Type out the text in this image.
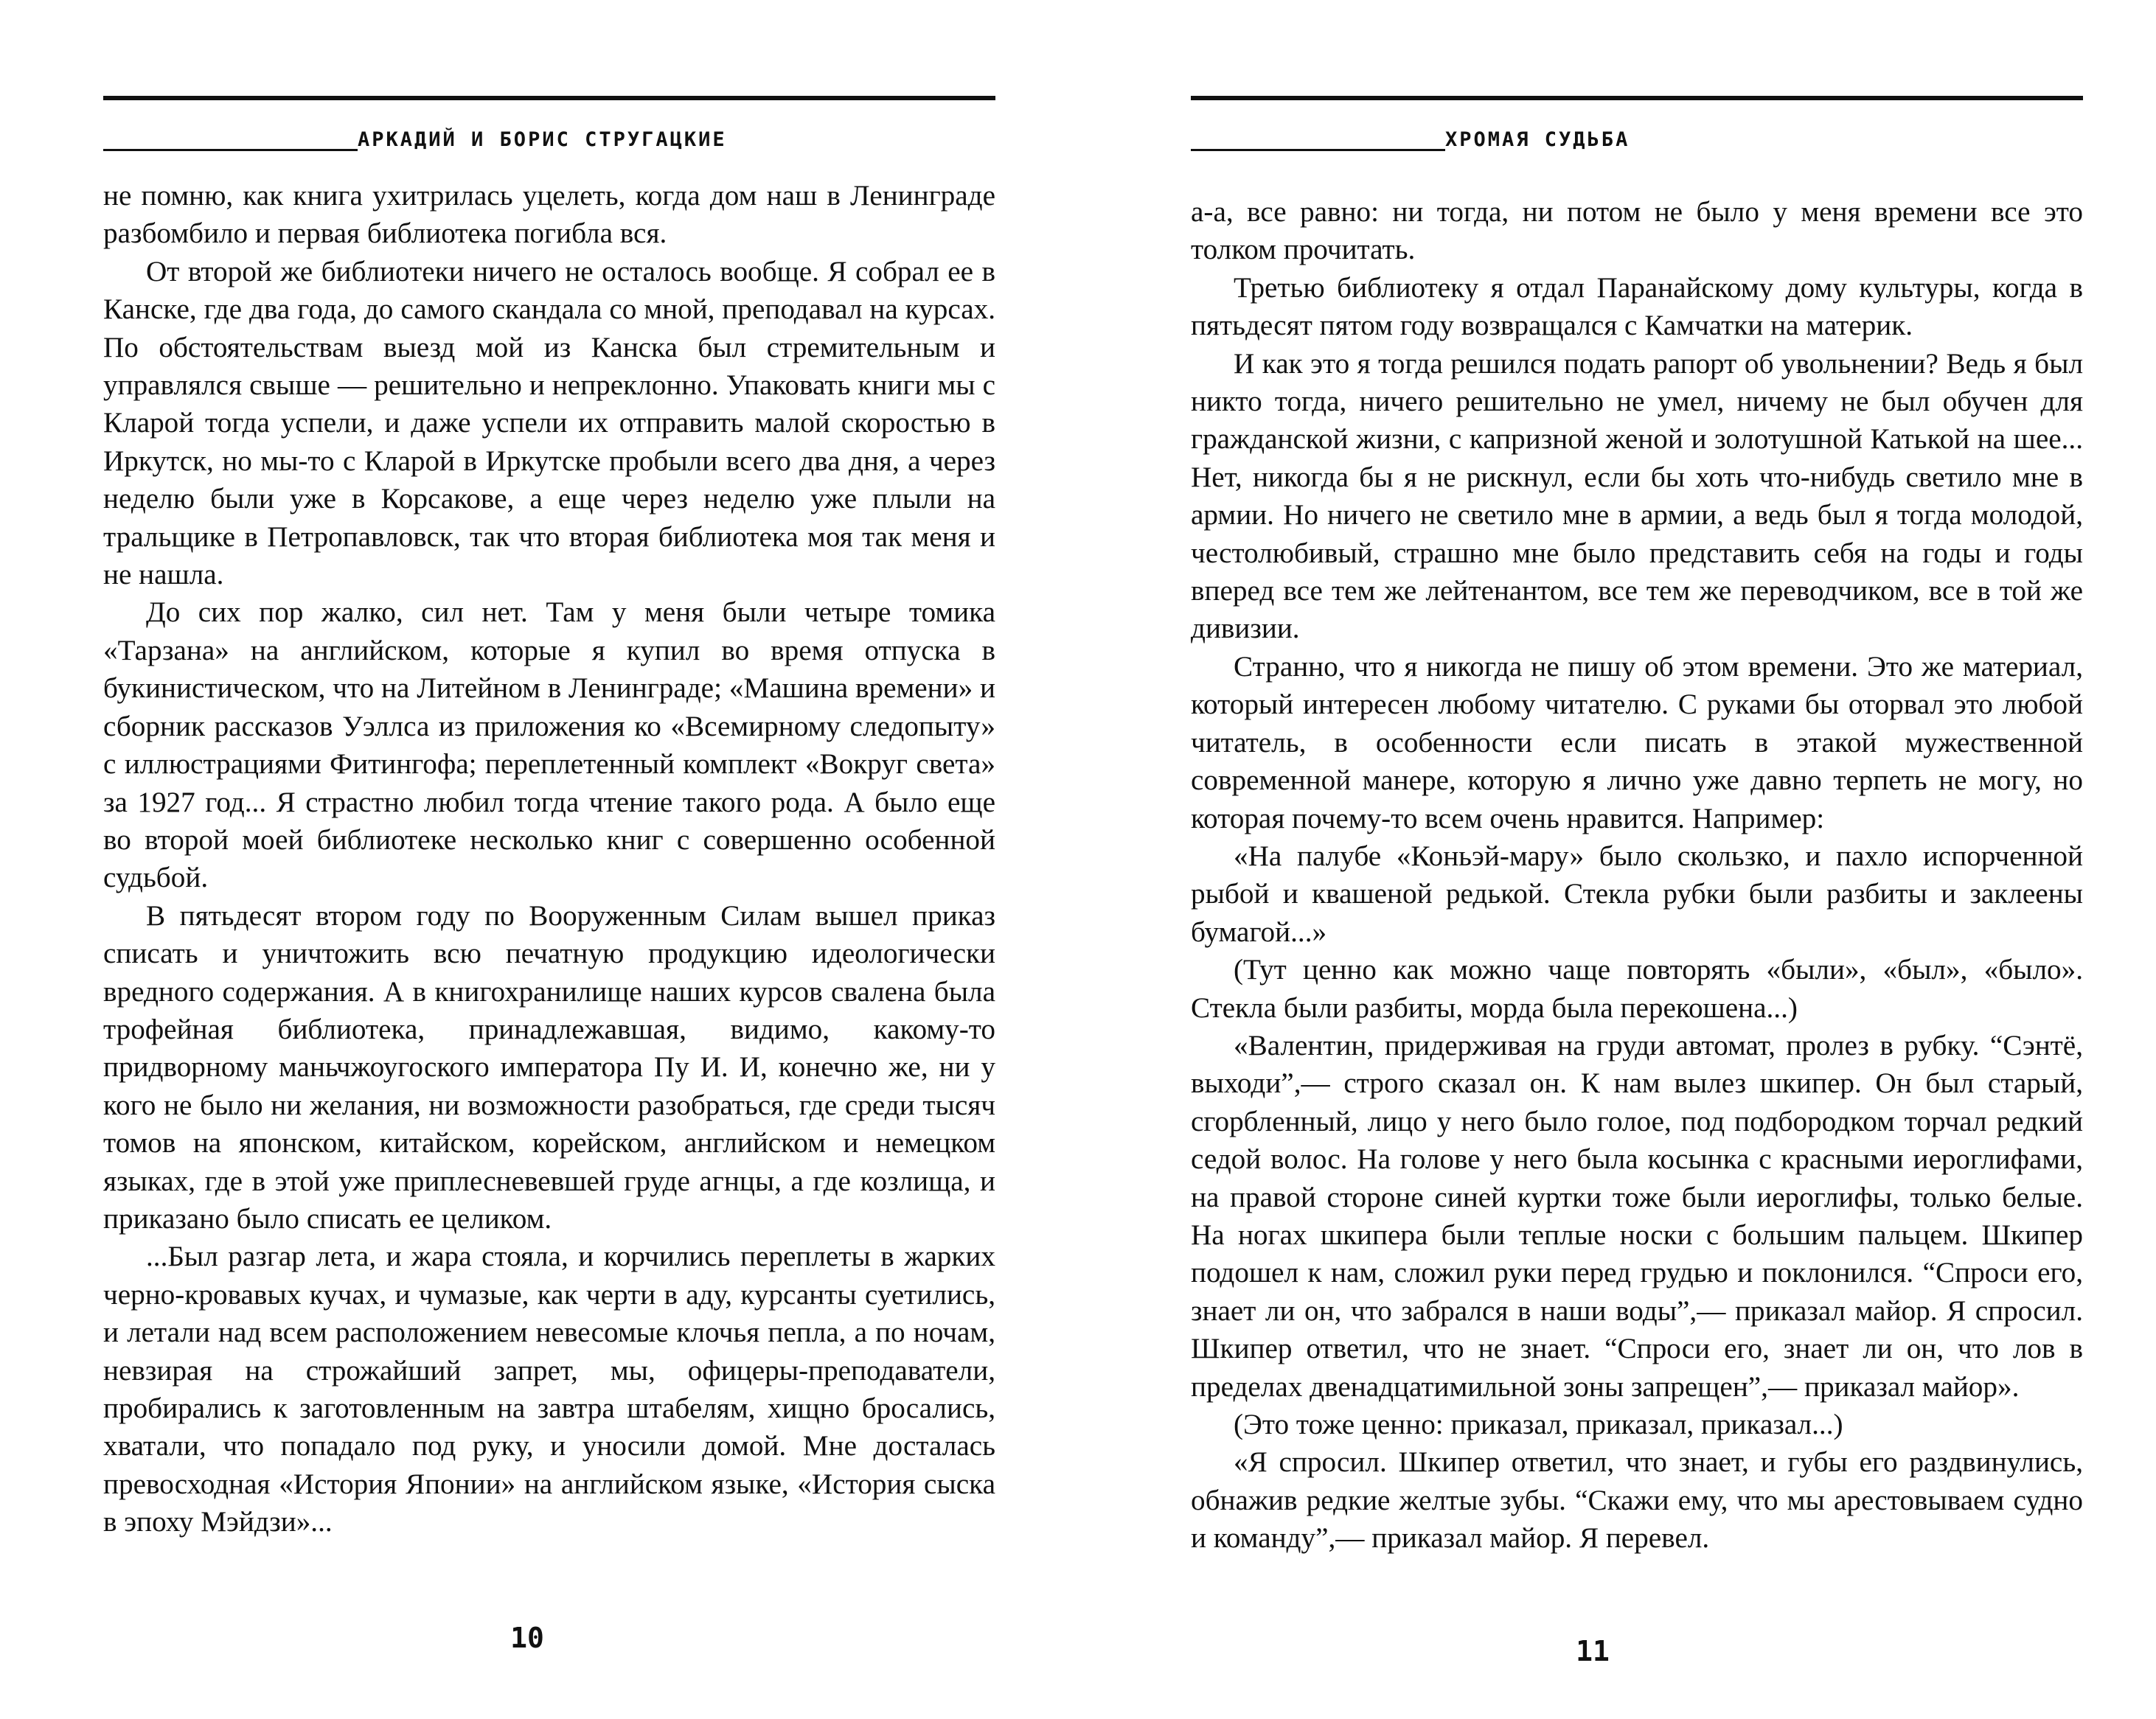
АРКАДИЙ И БОРИС СТРУГАЦКИЕ

не помню, как книга ухитрилась уцелеть, когда дом наш в Ленинграде разбомбило и первая библиотека погибла вся.

От второй же библиотеки ничего не осталось вообще. Я собрал ее в Канске, где два года, до самого скандала со мной, преподавал на курсах. По обстоятельствам выезд мой из Канска был стремительным и управлялся свыше — решительно и непреклонно. Упаковать книги мы с Кларой тогда успели, и даже успели их отправить малой скоростью в Иркутск, но мы-то с Кларой в Иркутске пробыли всего два дня, а через неделю были уже в Корсакове, а еще через неделю уже плыли на тральщике в Петропавловск, так что вторая библиотека моя так меня и не нашла.

До сих пор жалко, сил нет. Там у меня были четыре томика «Тарзана» на английском, которые я купил во время отпуска в букинистическом, что на Литейном в Ленинграде; «Машина времени» и сборник рассказов Уэллса из приложения ко «Всемирному следопыту» с иллюстрациями Фитингофа; переплетенный комплект «Вокруг света» за 1927 год... Я страстно любил тогда чтение такого рода. А было еще во второй моей библиотеке несколько книг с совершенно особенной судьбой.

В пятьдесят втором году по Вооруженным Силам вышел приказ списать и уничтожить всю печатную продукцию идеологически вредного содержания. А в книгохранилище наших курсов свалена была трофейная библиотека, принадлежавшая, видимо, какому-то придворному маньчжоугоского императора Пу И. И, конечно же, ни у кого не было ни желания, ни возможности разобраться, где среди тысяч томов на японском, китайском, корейском, английском и немецком языках, где в этой уже приплесневевшей груде агнцы, а где козлища, и приказано было списать ее целиком.

...Был разгар лета, и жара стояла, и корчились переплеты в жарких черно-кровавых кучах, и чумазые, как черти в аду, курсанты суетились, и летали над всем расположением невесомые клочья пепла, а по ночам, невзирая на строжайший запрет, мы, офицеры-преподаватели, пробирались к заготовленным на завтра штабелям, хищно бросались, хватали, что попадало под руку, и уносили домой. Мне досталась превосходная «История Японии» на английском языке, «История сыска в эпоху Мэйдзи»...

10
ХРОМАЯ СУДЬБА

а-а, все равно: ни тогда, ни потом не было у меня времени все это толком прочитать.

Третью библиотеку я отдал Паранайскому дому культуры, когда в пятьдесят пятом году возвращался с Камчатки на материк.

И как это я тогда решился подать рапорт об увольнении? Ведь я был никто тогда, ничего решительно не умел, ничему не был обучен для гражданской жизни, с капризной женой и золотушной Катькой на шее... Нет, никогда бы я не рискнул, если бы хоть что-нибудь светило мне в армии. Но ничего не светило мне в армии, а ведь был я тогда молодой, честолюбивый, страшно мне было представить себя на годы и годы вперед все тем же лейтенантом, все тем же переводчиком, все в той же дивизии.

Странно, что я никогда не пишу об этом времени. Это же материал, который интересен любому читателю. С руками бы оторвал это любой читатель, в особенности если писать в этакой мужественной современной манере, которую я лично уже давно терпеть не могу, но которая почему-то всем очень нравится. Например:

«На палубе «Коньэй-мару» было скользко, и пахло испорченной рыбой и квашеной редькой. Стекла рубки были разбиты и заклеены бумагой...»

(Тут ценно как можно чаще повторять «были», «был», «было». Стекла были разбиты, морда была перекошена...)

«Валентин, придерживая на груди автомат, пролез в рубку. “Сэнтё, выходи”,— строго сказал он. К нам вылез шкипер. Он был старый, сгорбленный, лицо у него было голое, под подбородком торчал редкий седой волос. На голове у него была косынка с красными иероглифами, на правой стороне синей куртки тоже были иероглифы, только белые. На ногах шкипера были теплые носки с большим пальцем. Шкипер подошел к нам, сложил руки перед грудью и поклонился. “Спроси его, знает ли он, что забрался в наши воды”,— приказал майор. Я спросил. Шкипер ответил, что не знает. “Спроси его, знает ли он, что лов в пределах двенадцатимильной зоны запрещен”,— приказал майор».

(Это тоже ценно: приказал, приказал, приказал...)

«Я спросил. Шкипер ответил, что знает, и губы его раздвинулись, обнажив редкие желтые зубы. “Скажи ему, что мы арестовываем судно и команду”,— приказал майор. Я перевел.

11
